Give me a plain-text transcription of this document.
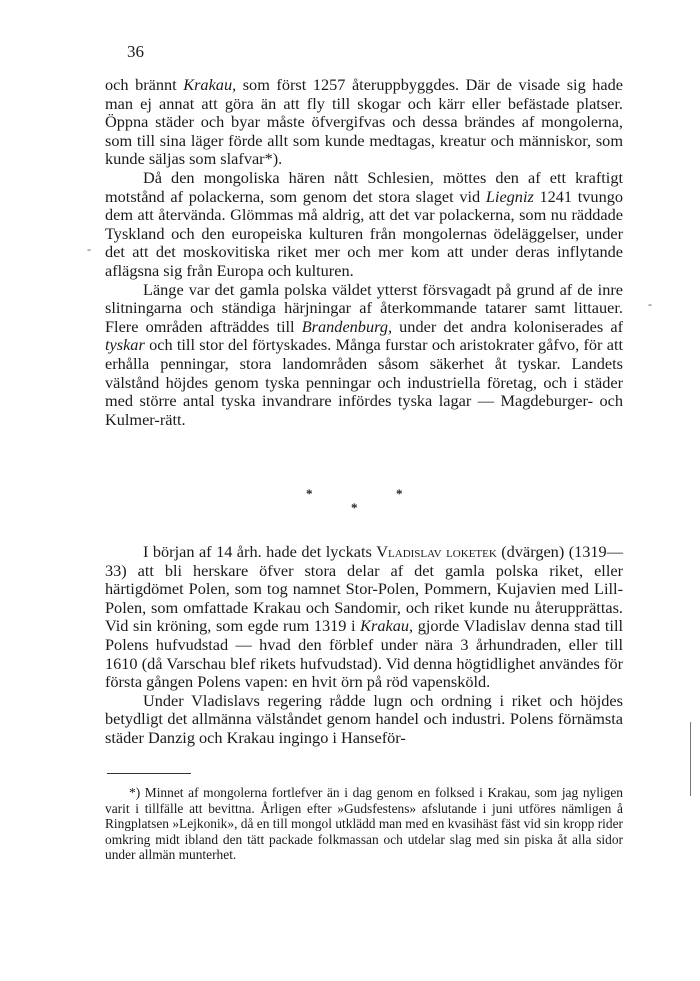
36

och brännt Krakau, som först 1257 återuppbyggdes. Där de visade sig hade man ej annat att göra än att fly till skogar och kärr eller befästade platser. Öppna städer och byar måste öfvergifvas och dessa brändes af mongolerna, som till sina läger förde allt som kunde medtagas, kreatur och människor, som kunde säljas som slafvar*).

Då den mongoliska hären nått Schlesien, möttes den af ett kraftigt motstånd af polackerna, som genom det stora slaget vid Liegniz 1241 tvungo dem att återvända. Glömmas må aldrig, att det var polackerna, som nu räddade Tyskland och den europeiska kulturen från mongolernas ödeläggelser, under det att det moskovitiska riket mer och mer kom att under deras inflytande aflägsna sig från Europa och kulturen.

Länge var det gamla polska väldet ytterst försvagadt på grund af de inre slitningarna och ständiga härjningar af återkommande tatarer samt littauer. Flere områden afträddes till Brandenburg, under det andra koloniserades af tyskar och till stor del förtyskades. Många furstar och aristokrater gåfvo, för att erhålla penningar, stora landområden såsom säkerhet åt tyskar. Landets välstånd höjdes genom tyska penningar och industriella företag, och i städer med större antal tyska invandrare infördes tyska lagar — Magdeburger- och Kulmer-rätt.

*	*
*

I början af 14 årh. hade det lyckats Vladislav loketek (dvärgen) (1319—33) att bli herskare öfver stora delar af det gamla polska riket, eller härtigdömet Polen, som tog namnet Stor-Polen, Pommern, Kujavien med Lill-Polen, som omfattade Krakau och Sandomir, och riket kunde nu återupprättas. Vid sin kröning, som egde rum 1319 i Krakau, gjorde Vladislav denna stad till Polens hufvudstad — hvad den förblef under nära 3 århundraden, eller till 1610 (då Varschau blef rikets hufvudstad). Vid denna högtidlighet användes för första gången Polens vapen: en hvit örn på röd vapensköld.

Under Vladislavs regering rådde lugn och ordning i riket och höjdes betydligt det allmänna välståndet genom handel och industri. Polens förnämsta städer Danzig och Krakau ingingo i Hanseför-

*) Minnet af mongolerna fortlefver än i dag genom en folksed i Krakau, som jag nyligen varit i tillfälle att bevittna. Årligen efter »Gudsfestens» afslutande i juni utföres nämligen å Ringplatsen »Lejkonik», då en till mongol utklädd man med en kvasihäst fäst vid sin kropp rider omkring midt ibland den tätt packade folkmassan och utdelar slag med sin piska åt alla sidor under allmän munterhet.

-
-
